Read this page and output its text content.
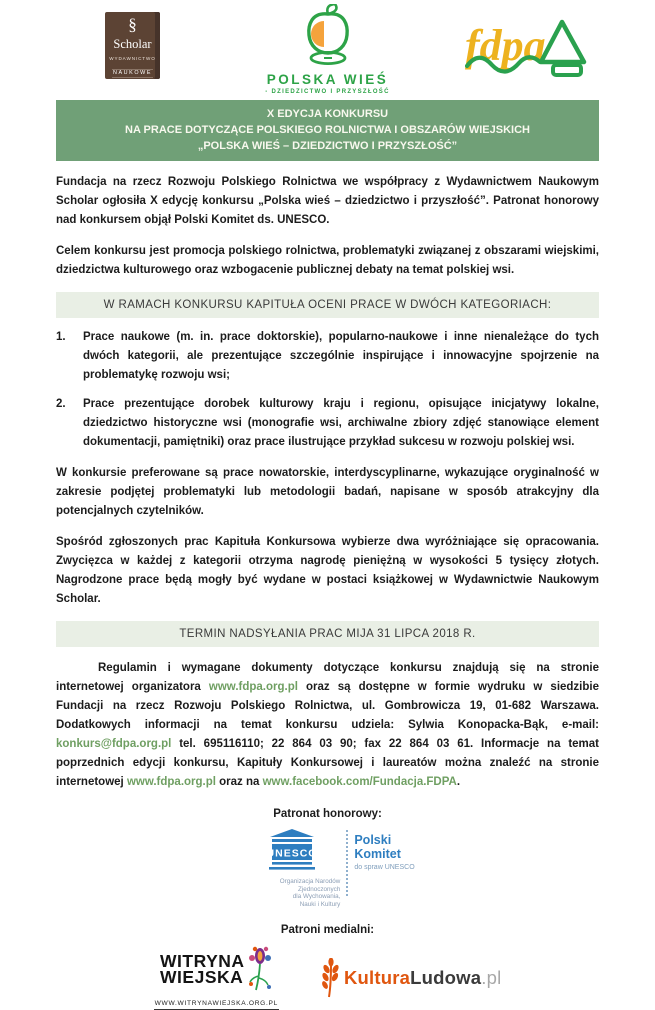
§
Scholar
WYDAWNICTWO
NAUKOWE	POLSKA WIEŚ
- DZIEDZICTWO I PRZYSZŁOŚĆ
fdpa
X EDYCJA KONKURSU
NA PRACE DOTYCZĄCE POLSKIEGO ROLNICTWA I OBSZARÓW WIEJSKICH
„POLSKA WIEŚ – DZIEDZICTWO I PRZYSZŁOŚĆ”

Fundacja na rzecz Rozwoju Polskiego Rolnictwa we współpracy z Wydawnictwem Naukowym Scholar ogłosiła X edycję konkursu „Polska wieś – dziedzictwo i przyszłość”. Patronat honorowy nad konkursem objął Polski Komitet ds. UNESCO.

Celem konkursu jest promocja polskiego rolnictwa, problematyki związanej z obszarami wiejskimi, dziedzictwa kulturowego oraz wzbogacenie publicznej debaty na temat polskiej wsi.

W RAMACH KONKURSU KAPITUŁA OCENI PRACE W DWÓCH KATEGORIACH:
1.	Prace naukowe (m. in. prace doktorskie), popularno-naukowe i inne nienależące do tych dwóch kategorii, ale prezentujące szczególnie inspirujące i innowacyjne spojrzenie na problematykę rozwoju wsi;
2.	Prace prezentujące dorobek kulturowy kraju i regionu, opisujące inicjatywy lokalne, dziedzictwo historyczne wsi (monografie wsi, archiwalne zbiory zdjęć stanowiące element dokumentacji, pamiętniki) oraz prace ilustrujące przykład sukcesu w rozwoju polskiej wsi.

W konkursie preferowane są prace nowatorskie, interdyscyplinarne, wykazujące oryginalność w zakresie podjętej problematyki lub metodologii badań, napisane w sposób atrakcyjny dla potencjalnych czytelników.

Spośród zgłoszonych prac Kapituła Konkursowa wybierze dwa wyróżniające się opracowania. Zwycięzca w każdej z kategorii otrzyma nagrodę pieniężną w wysokości 5 tysięcy złotych. Nagrodzone prace będą mogły być wydane w postaci książkowej w Wydawnictwie Naukowym Scholar.

TERMIN NADSYŁANIA PRAC MIJA 31 LIPCA 2018 R.

Regulamin i wymagane dokumenty dotyczące konkursu znajdują się na stronie internetowej organizatora www.fdpa.org.pl oraz są dostępne w formie wydruku w siedzibie Fundacji na rzecz Rozwoju Polskiego Rolnictwa, ul. Gombrowicza 19, 01-682 Warszawa. Dodatkowych informacji na temat konkursu udziela: Sylwia Konopacka-Bąk, e-mail: konkurs@fdpa.org.pl tel. 695116110; 22 864 03 90; fax 22 864 03 61. Informacje na temat poprzednich edycji konkursu, Kapituły Konkursowej i laureatów można znaleźć na stronie internetowej www.fdpa.org.pl oraz na www.facebook.com/Fundacja.FDPA.

Patronat honorowy:
UNESCO
Organizacja Narodów
Zjednoczonych
dla Wychowania,
Nauki i Kultury
Polski
Komitet
do spraw UNESCO
Patroni medialni:
WITRYNA
WIEJSKA
WWW.WITRYNAWIEJSKA.ORG.PL
KulturaLudowa.pl
